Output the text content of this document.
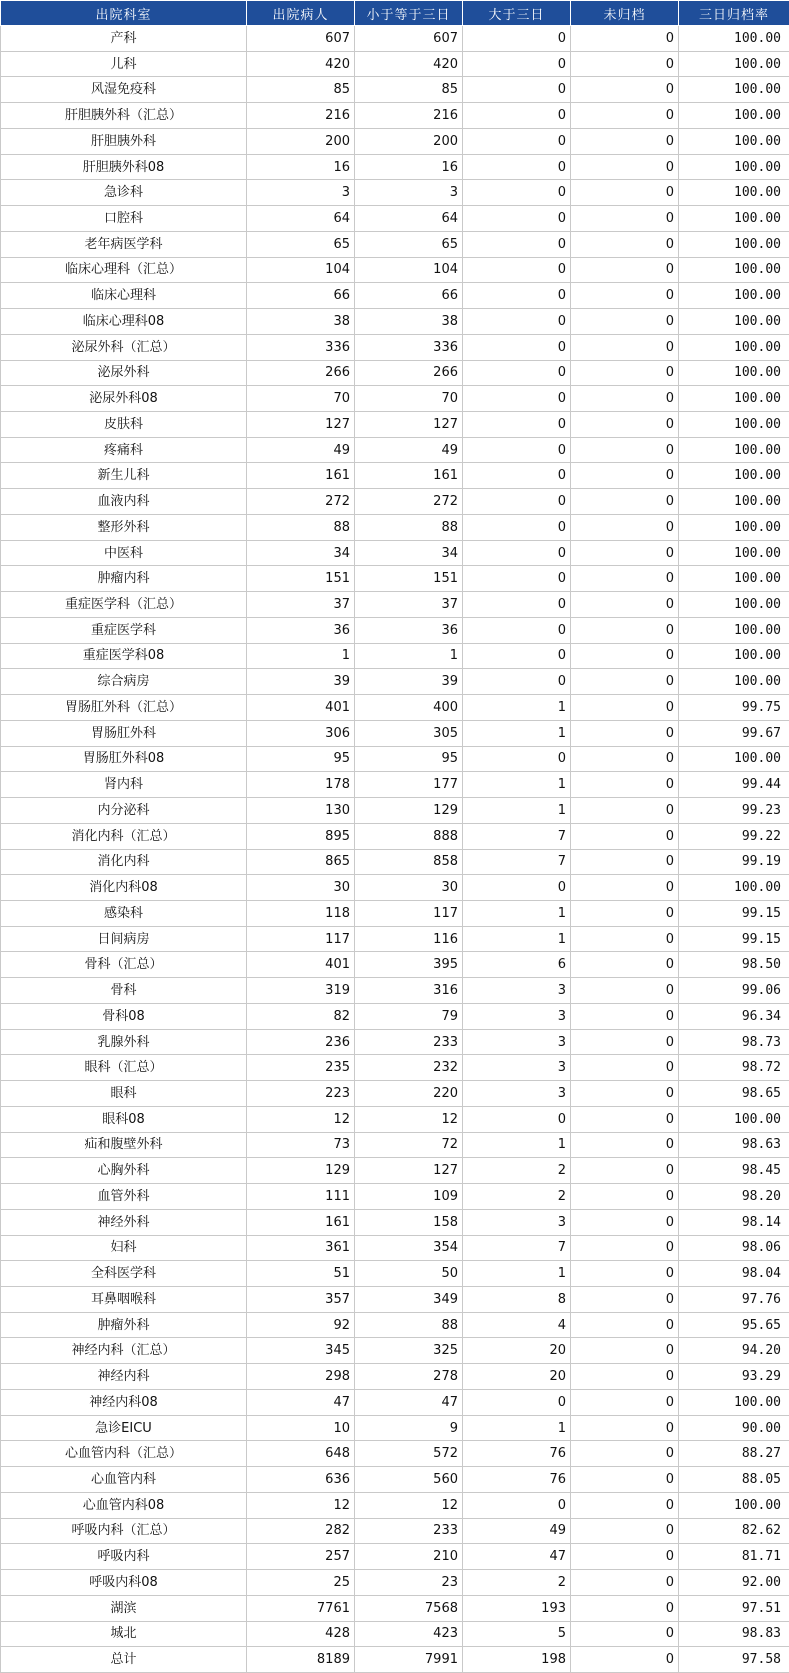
出院科室	出院病人	小于等于三日	大于三日	未归档	三日归档率
产科	607	607	0	0	100.00
儿科	420	420	0	0	100.00
风湿免疫科	85	85	0	0	100.00
肝胆胰外科（汇总）	216	216	0	0	100.00
肝胆胰外科	200	200	0	0	100.00
肝胆胰外科08	16	16	0	0	100.00
急诊科	3	3	0	0	100.00
口腔科	64	64	0	0	100.00
老年病医学科	65	65	0	0	100.00
临床心理科（汇总）	104	104	0	0	100.00
临床心理科	66	66	0	0	100.00
临床心理科08	38	38	0	0	100.00
泌尿外科（汇总）	336	336	0	0	100.00
泌尿外科	266	266	0	0	100.00
泌尿外科08	70	70	0	0	100.00
皮肤科	127	127	0	0	100.00
疼痛科	49	49	0	0	100.00
新生儿科	161	161	0	0	100.00
血液内科	272	272	0	0	100.00
整形外科	88	88	0	0	100.00
中医科	34	34	0	0	100.00
肿瘤内科	151	151	0	0	100.00
重症医学科（汇总）	37	37	0	0	100.00
重症医学科	36	36	0	0	100.00
重症医学科08	1	1	0	0	100.00
综合病房	39	39	0	0	100.00
胃肠肛外科（汇总）	401	400	1	0	99.75
胃肠肛外科	306	305	1	0	99.67
胃肠肛外科08	95	95	0	0	100.00
肾内科	178	177	1	0	99.44
内分泌科	130	129	1	0	99.23
消化内科（汇总）	895	888	7	0	99.22
消化内科	865	858	7	0	99.19
消化内科08	30	30	0	0	100.00
感染科	118	117	1	0	99.15
日间病房	117	116	1	0	99.15
骨科（汇总）	401	395	6	0	98.50
骨科	319	316	3	0	99.06
骨科08	82	79	3	0	96.34
乳腺外科	236	233	3	0	98.73
眼科（汇总）	235	232	3	0	98.72
眼科	223	220	3	0	98.65
眼科08	12	12	0	0	100.00
疝和腹壁外科	73	72	1	0	98.63
心胸外科	129	127	2	0	98.45
血管外科	111	109	2	0	98.20
神经外科	161	158	3	0	98.14
妇科	361	354	7	0	98.06
全科医学科	51	50	1	0	98.04
耳鼻咽喉科	357	349	8	0	97.76
肿瘤外科	92	88	4	0	95.65
神经内科（汇总）	345	325	20	0	94.20
神经内科	298	278	20	0	93.29
神经内科08	47	47	0	0	100.00
急诊EICU	10	9	1	0	90.00
心血管内科（汇总）	648	572	76	0	88.27
心血管内科	636	560	76	0	88.05
心血管内科08	12	12	0	0	100.00
呼吸内科（汇总）	282	233	49	0	82.62
呼吸内科	257	210	47	0	81.71
呼吸内科08	25	23	2	0	92.00
湖滨	7761	7568	193	0	97.51
城北	428	423	5	0	98.83
总计	8189	7991	198	0	97.58
